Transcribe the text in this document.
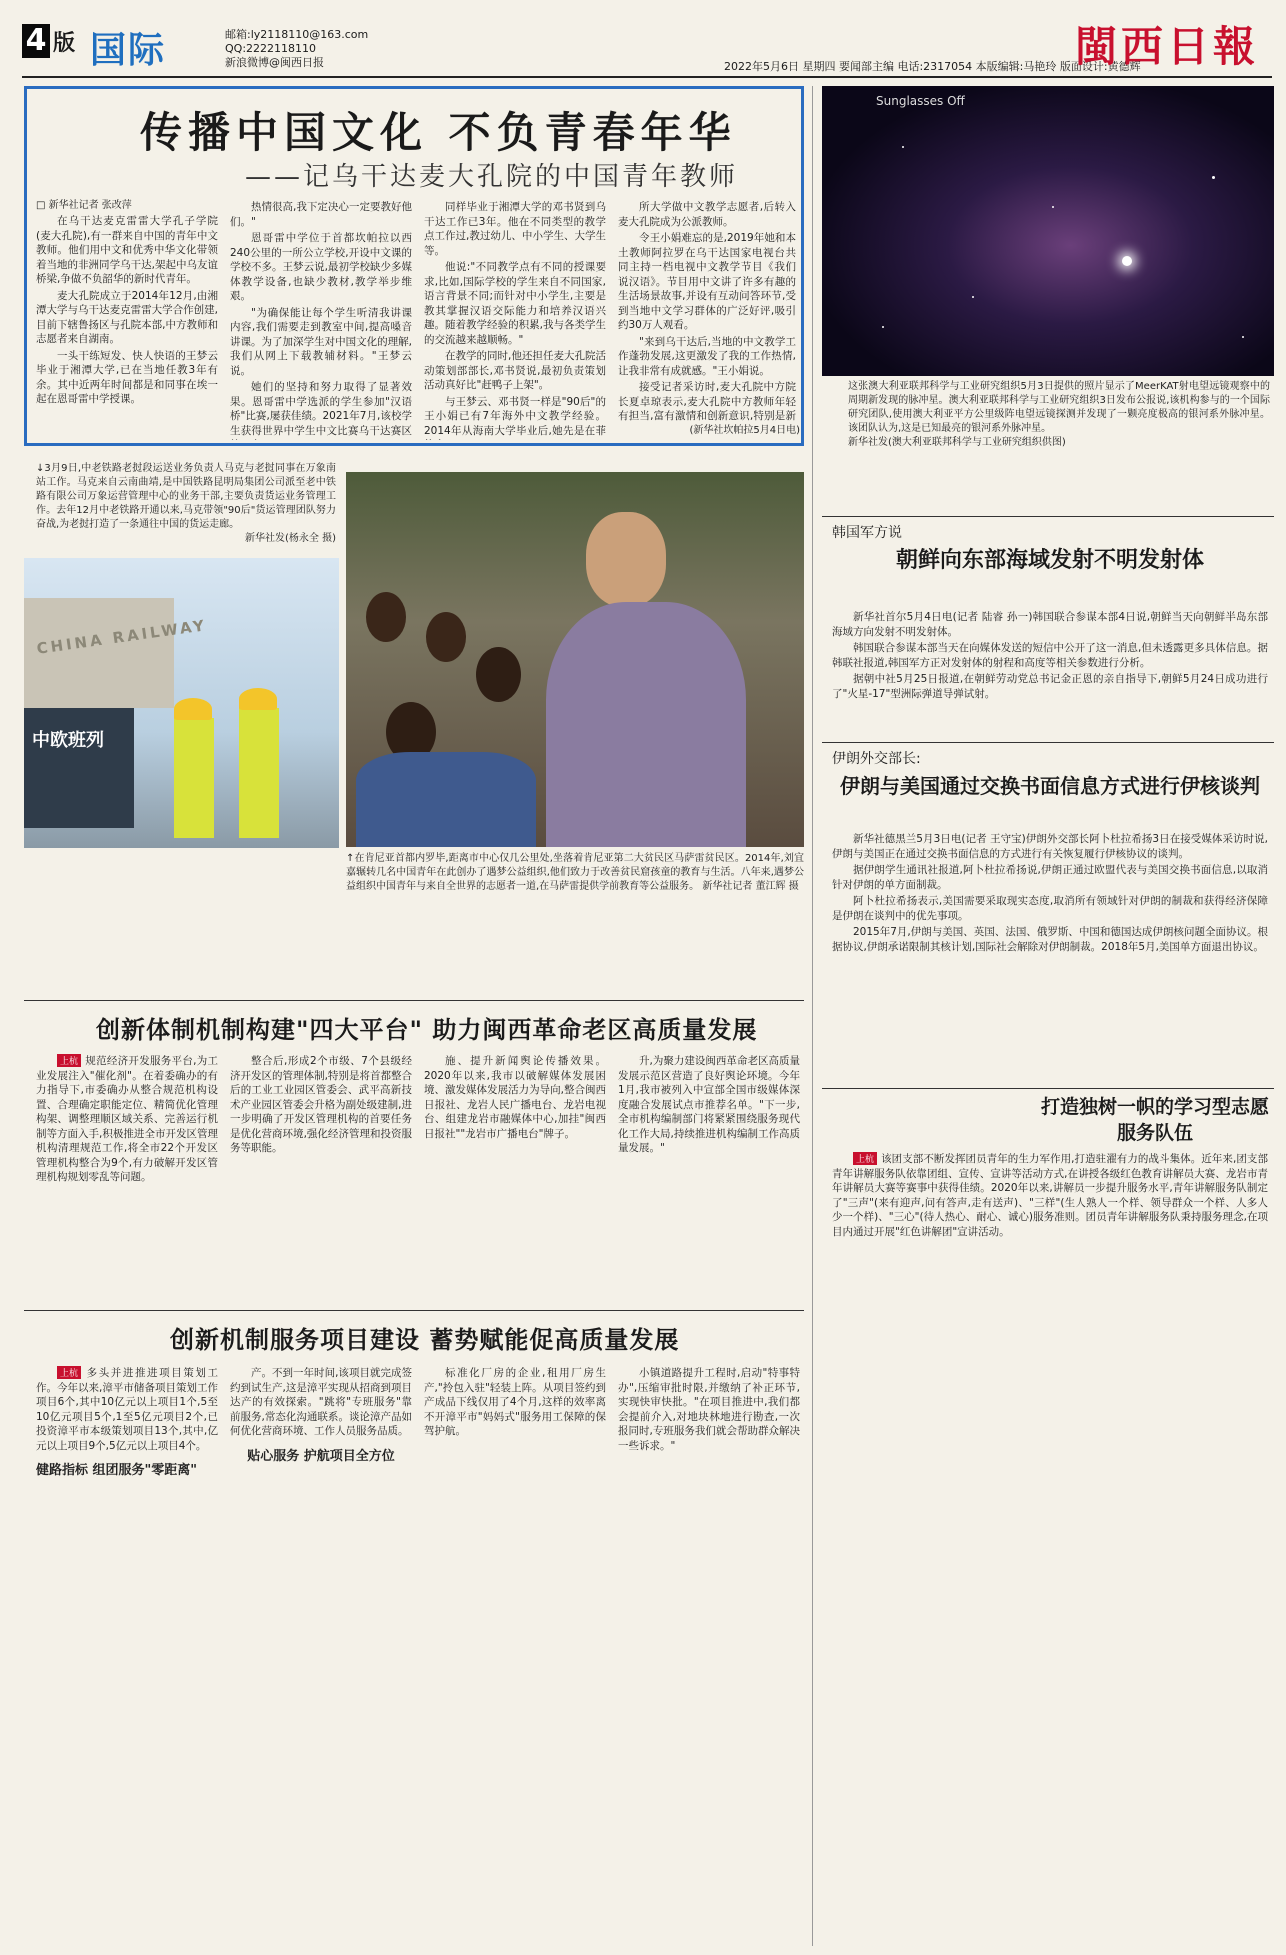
4 版 国际	邮箱:ly2118110@163.com
QQ:2222118110
新浪微博@闽西日报	2022年5月6日 星期四 要闻部主编 电话:2317054 本版编辑:马艳玲 版面设计:黄德辉
閩西日報
传播中国文化 不负青春年华
——记乌干达麦大孔院的中国青年教师
□ 新华社记者 张改萍

在乌干达麦克雷雷大学孔子学院(麦大孔院),有一群来自中国的青年中文教师。他们用中文和优秀中华文化带领着当地的非洲同学乌干达,架起中乌友谊桥梁,争做不负韶华的新时代青年。

麦大孔院成立于2014年12月,由湘潭大学与乌干达麦克雷雷大学合作创建,目前下辖鲁扬区与孔院本部,中方教师和志愿者来自湖南。

一头干练短发、快人快语的王梦云毕业于湘潭大学,已在当地任教3年有余。其中近两年时间都是和同事在埃一起在恩哥雷中学授课。

热情很高,我下定决心一定要教好他们。"

恩哥雷中学位于首都坎帕拉以西240公里的一所公立学校,开设中文课的学校不多。王梦云说,最初学校缺少多媒体教学设备,也缺少教材,教学举步维艰。

"为确保能让每个学生听清我讲课内容,我们需要走到教室中间,提高嗓音讲课。为了加深学生对中国文化的理解,我们从网上下载教辅材料。"王梦云说。

她们的坚持和努力取得了显著效果。恩哥雷中学选派的学生参加"汉语桥"比赛,屡获佳绩。2021年7月,该校学生获得世界中学生中文比赛乌干达赛区

同样毕业于湘潭大学的邓书贤到乌干达工作已3年。他在不同类型的教学点工作过,教过幼儿、中小学生、大学生等。

他说:"不同教学点有不同的授课要求,比如,国际学校的学生来自不同国家,语言背景不同;而针对中小学生,主要是教其掌握汉语交际能力和培养汉语兴趣。随着教学经验的积累,我与各类学生的交流越来越顺畅。"

在教学的同时,他还担任麦大孔院活动策划部部长,邓书贤说,最初负责策划活动真好比"赶鸭子上架"。

与王梦云、邓书贤一样是"90后"的王小娟已有7年海外中文教学经验。2014年从海南大学毕业后,她先是在菲

所大学做中文教学志愿者,后转入麦大孔院成为公派教师。

令王小娟难忘的是,2019年她和本土教师阿拉罗在乌干达国家电视台共同主持一档电视中文教学节目《我们说汉语》。节目用中文讲了许多有趣的生活场景故事,并设有互动问答环节,受到当地中文学习群体的广泛好评,吸引约30万人观看。

"来到乌干达后,当地的中文教学工作蓬勃发展,这更激发了我的工作热情,让我非常有成就感。"王小娟说。

接受记者采访时,麦大孔院中方院长夏卓琼表示,麦大孔院中方教师年轻有担当,富有激情和创新意识,特别是新

(新华社坎帕拉5月4日电)
Sunglasses Off
这张澳大利亚联邦科学与工业研究组织5月3日提供的照片显示了MeerKAT射电望远镜观察中的周期新发现的脉冲星。澳大利亚联邦科学与工业研究组织3日发布公报说,该机构参与的一个国际研究团队,使用澳大利亚平方公里级阵电望远镜探测并发现了一颗亮度极高的银河系外脉冲星。该团队认为,这是已知最亮的银河系外脉冲星。
新华社发(澳大利亚联邦科学与工业研究组织供图)
↓3月9日,中老铁路老挝段运送业务负责人马克与老挝同事在万象南站工作。马克来自云南曲靖,是中国铁路昆明局集团公司派至老中铁路有限公司万象运营管理中心的业务干部,主要负责货运业务管理工作。去年12月中老铁路开通以来,马克带领"90后"货运管理团队努力奋战,为老挝打造了一条通往中国的货运走廊。
新华社发(杨永全 摄)
CHINA RAILWAY
中欧班列
↑在肯尼亚首都内罗毕,距离市中心仅几公里处,坐落着肯尼亚第二大贫民区马萨雷贫民区。2014年,刘宜嘉辗转几名中国青年在此创办了遇梦公益组织,他们致力于改善贫民窟孩童的教育与生活。八年来,遇梦公益组织中国青年与来自全世界的志愿者一道,在马萨雷提供学前教育等公益服务。 新华社记者 董江辉 摄
韩国军方说
朝鲜向东部海域发射不明发射体

新华社首尔5月4日电(记者 陆睿 孙一)韩国联合参谋本部4日说,朝鲜当天向朝鲜半岛东部海域方向发射不明发射体。

韩国联合参谋本部当天在向媒体发送的短信中公开了这一消息,但未透露更多具体信息。据韩联社报道,韩国军方正对发射体的射程和高度等相关参数进行分析。

据朝中社5月25日报道,在朝鲜劳动党总书记金正恩的亲自指导下,朝鲜5月24日成功进行了"火星-17"型洲际弹道导弹试射。

伊朗外交部长:
伊朗与美国通过交换书面信息方式进行伊核谈判

新华社德黑兰5月3日电(记者 王守宝)伊朗外交部长阿卜杜拉希扬3日在接受媒体采访时说,伊朗与美国正在通过交换书面信息的方式进行有关恢复履行伊核协议的谈判。

据伊朗学生通讯社报道,阿卜杜拉希扬说,伊朗正通过欧盟代表与美国交换书面信息,以取消针对伊朗的单方面制裁。

阿卜杜拉希扬表示,美国需要采取现实态度,取消所有领域针对伊朗的制裁和获得经济保障是伊朗在谈判中的优先事项。

2015年7月,伊朗与美国、英国、法国、俄罗斯、中国和德国达成伊朗核问题全面协议。根据协议,伊朗承诺限制其核计划,国际社会解除对伊朗制裁。2018年5月,美国单方面退出协议。

打造独树一帜的学习型志愿服务队伍

上杭 该团支部不断发挥团员青年的生力军作用,打造驻濯有力的战斗集体。近年来,团支部青年讲解服务队依靠团组、宣传、宣讲等活动方式,在讲授各级红色教育讲解员大赛、龙岩市青年讲解员大赛等赛事中获得佳绩。2020年以来,讲解员一步提升服务水平,青年讲解服务队制定了"三声"(来有迎声,问有答声,走有送声)、"三样"(生人熟人一个样、领导群众一个样、人多人少一个样)、"三心"(待人热心、耐心、诚心)服务准则。团员青年讲解服务队秉持服务理念,在项目内通过开展"红色讲解团"宣讲活动。

创新体制机制构建"四大平台" 助力闽西革命老区高质量发展

上杭 规范经济开发服务平台,为工业发展注入"催化剂"。在着委确办的有力指导下,市委确办从整合规范机构设置、合理确定职能定位、精简优化管理构架、调整理顺区域关系、完善运行机制等方面入手,积极推进全市开发区管理机构清理规范工作,将全市22个开发区管理机构整合为9个,有力破解开发区管理机构规划零乱等问题。

整合后,形成2个市级、7个县级经济开发区的管理体制,特别是将首都整合后的工业工业园区管委会、武平高新技术产业园区管委会升格为副处级建制,进一步明确了开发区管理机构的首要任务是优化营商环境,强化经济管理和投资服务等职能。

施、提升新闻舆论传播效果。2020年以来,我市以破解媒体发展困境、激发媒体发展活力为导向,整合闽西日报社、龙岩人民广播电台、龙岩电视台、组建龙岩市融媒体中心,加挂"闽西日报社""龙岩市广播电台"牌子。

升,为聚力建设闽西革命老区高质量发展示范区营造了良好舆论环境。今年1月,我市被列入中宣部全国市级媒体深度融合发展试点市推荐名单。"下一步,全市机构编制部门将紧紧围绕服务现代化工作大局,持续推进机构编制工作高质量发展。"

创新机制服务项目建设 蓄势赋能促高质量发展

上杭 多头并进推进项目策划工作。今年以来,漳平市储备项目策划工作项目6个,其中10亿元以上项目1个,5至10亿元项目5个,1至5亿元项目2个,已投资漳平市本级策划项目13个,其中,亿元以上项目9个,5亿元以上项目4个。

健路指标 组团服务"零距离"

产。不到一年时间,该项目就完成签约到试生产,这是漳平实现从招商到项目达产的有效探索。"跳将"专班服务"靠前服务,常态化沟通联系。谈论漳产品如何优化营商环境、工作人员服务品质。

贴心服务 护航项目全方位

标准化厂房的企业,租用厂房生产,"拎包入驻"轻装上阵。从项目签约到产成品下线仅用了4个月,这样的效率离不开漳平市"妈妈式"服务用工保障的保驾护航。

小镇道路提升工程时,启动"特事特办",压缩审批时限,并缴纳了补正环节,实现快审快批。"在项目推进中,我们都会提前介入,对地块林地进行勘查,一次报同时,专班服务我们就会帮助群众解决一些诉求。"
